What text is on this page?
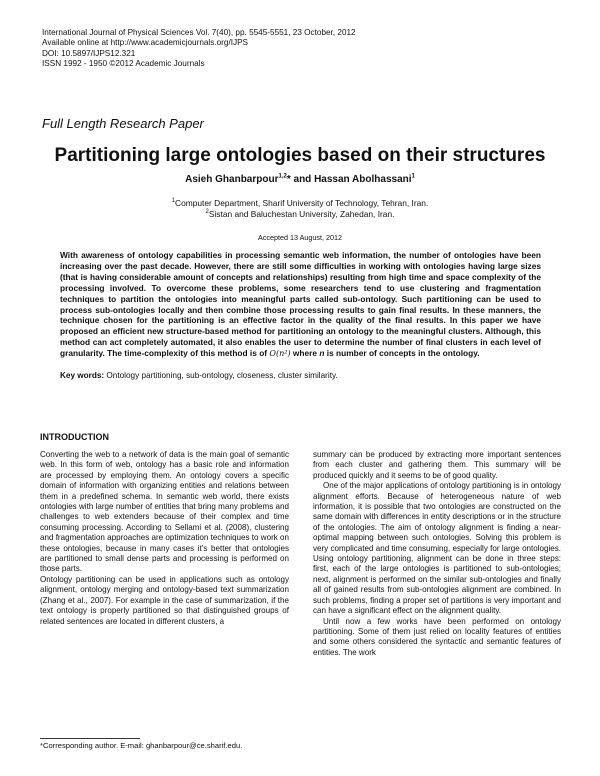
International Journal of Physical Sciences Vol. 7(40), pp. 5545-5551, 23 October, 2012
Available online at http://www.academicjournals.org/IJPS
DOI: 10.5897/IJPS12.321
ISSN 1992 - 1950 ©2012 Academic Journals
Full Length Research Paper
Partitioning large ontologies based on their structures
Asieh Ghanbarpour$^{1,2}$* and Hassan Abolhassani$^1$
$^1$Computer Department, Sharif University of Technology, Tehran, Iran.
$^2$Sistan and Baluchestan University, Zahedan, Iran.
Accepted 13 August, 2012

With awareness of ontology capabilities in processing semantic web information, the number of ontologies have been increasing over the past decade. However, there are still some difficulties in working with ontologies having large sizes (that is having considerable amount of concepts and relationships) resulting from high time and space complexity of the processing involved. To overcome these problems, some researchers tend to use clustering and fragmentation techniques to partition the ontologies into meaningful parts called sub-ontology. Such partitioning can be used to process sub-ontologies locally and then combine those processing results to gain final results. In these manners, the technique chosen for the partitioning is an effective factor in the quality of the final results. In this paper we have proposed an efficient new structure-based method for partitioning an ontology to the meaningful clusters. Although, this method can act completely automated, it also enables the user to determine the number of final clusters in each level of granularity. The time-complexity of this method is of O(n²) where n is number of concepts in the ontology.

Key words: Ontology partitioning, sub-ontology, closeness, cluster similarity.
INTRODUCTION

Converting the web to a network of data is the main goal of semantic web. In this form of web, ontology has a basic role and information are processed by employing them. An ontology covers a specific domain of information with organizing entities and relations between them in a predefined schema. In semantic web world, there exists ontologies with large number of entities that bring many problems and challenges to web extenders because of their complex and time consuming processing. According to Sellami et al. (2008), clustering and fragmentation approaches are optimization techniques to work on these ontologies, because in many cases it's better that ontologies are partitioned to small dense parts and processing is performed on those parts.

Ontology partitioning can be used in applications such as ontology alignment, ontology merging and ontology-based text summarization (Zhang et al., 2007). For example in the case of summarization, if the text ontology is properly partitioned so that distinguished groups of related sentences are located in different clusters, a

summary can be produced by extracting more important sentences from each cluster and gathering them. This summary will be produced quickly and it seems to be of good quality.

One of the major applications of ontology partitioning is in ontology alignment efforts. Because of heterogeneous nature of web information, it is possible that two ontologies are constructed on the same domain with differences in entity descriptions or in the structure of the ontologies. The aim of ontology alignment is finding a near-optimal mapping between such ontologies. Solving this problem is very complicated and time consuming, especially for large ontologies. Using ontology partitioning, alignment can be done in three steps: first, each of the large ontologies is partitioned to sub-ontologies; next, alignment is performed on the similar sub-ontologies and finally all of gained results from sub-ontologies alignment are combined. In such problems, finding a proper set of partitions is very important and can have a significant effect on the alignment quality.

Until now a few works have been performed on ontology partitioning. Some of them just relied on locality features of entities and some others considered the syntactic and semantic features of entities. The work

*Corresponding author. E-mail: ghanbarpour@ce.sharif.edu.
